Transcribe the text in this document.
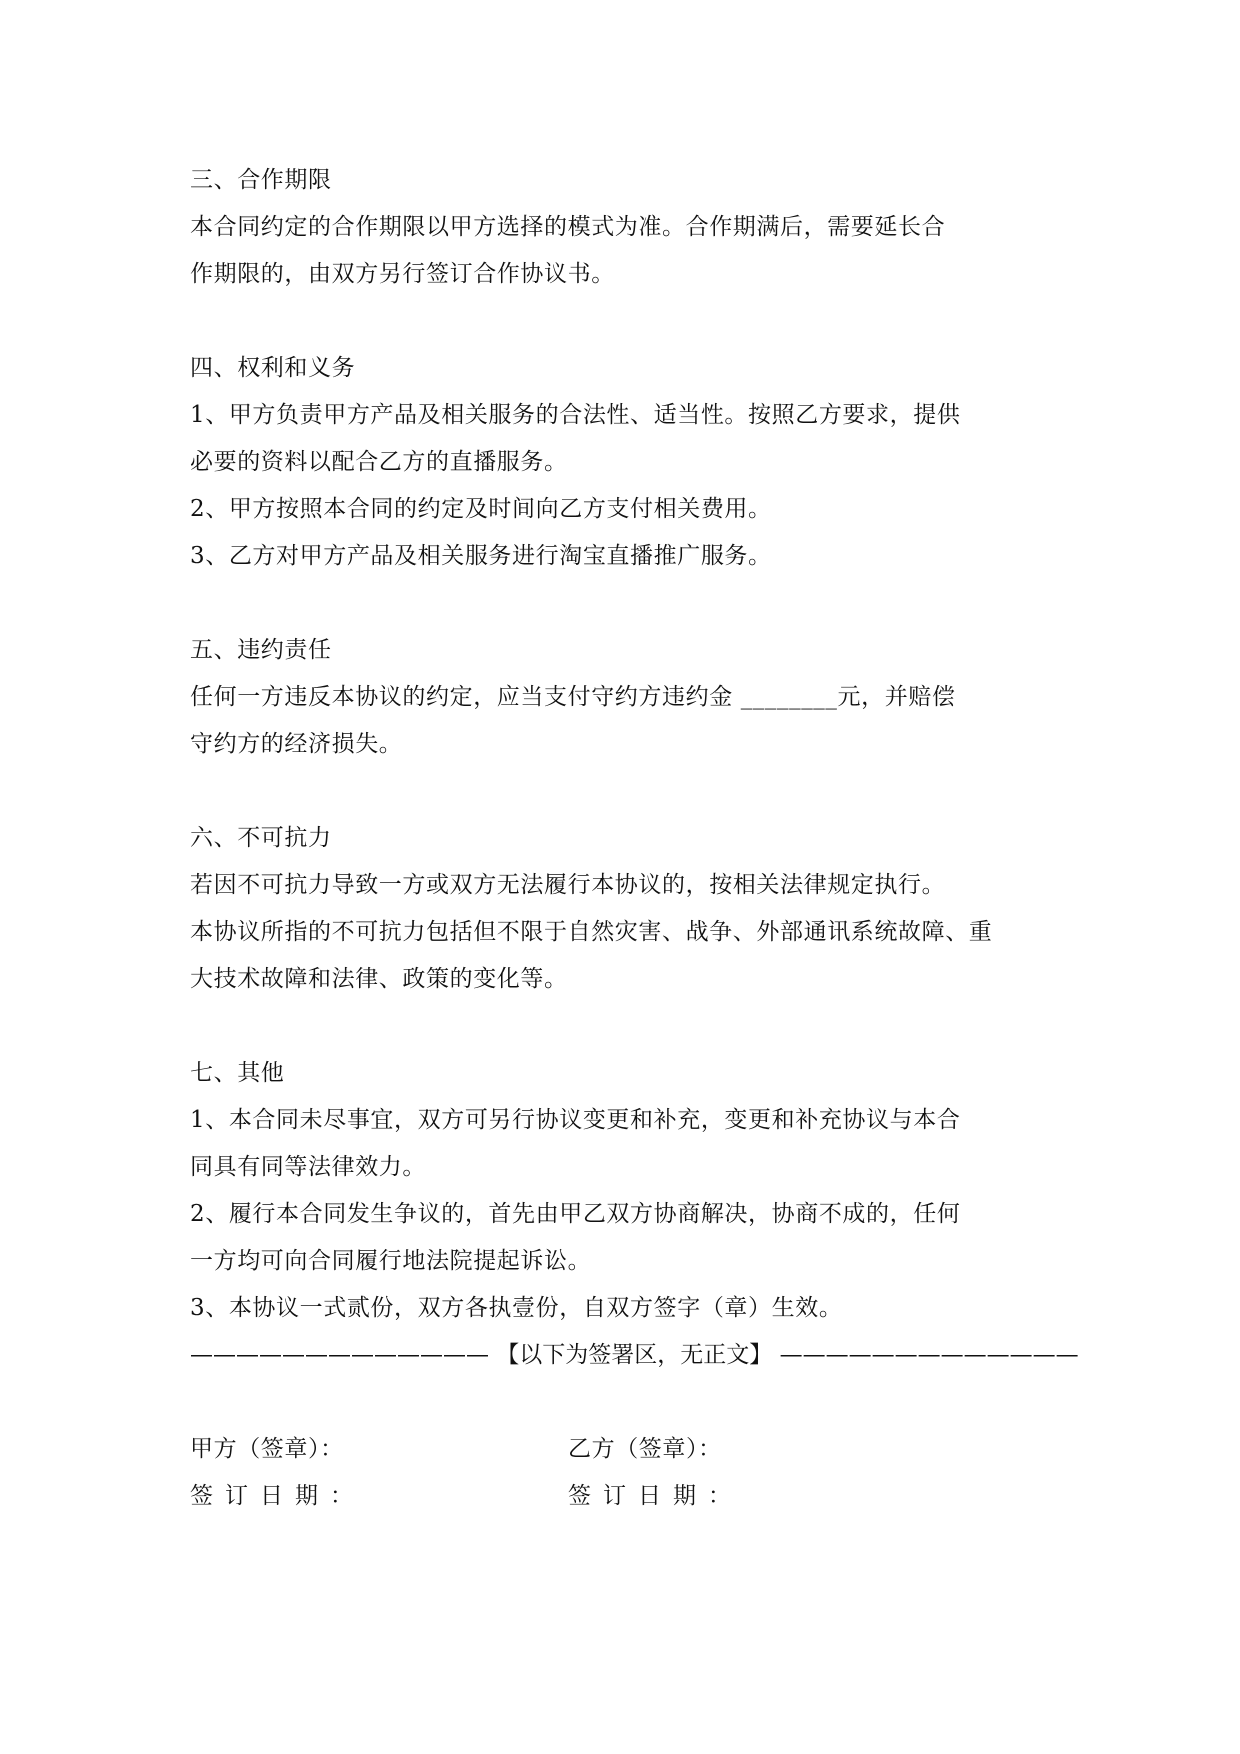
三、合作期限
本合同约定的合作期限以甲方选择的模式为准。合作期满后，需要延长合
作期限的，由双方另行签订合作协议书。
四、权利和义务
1、甲方负责甲方产品及相关服务的合法性、适当性。按照乙方要求，提供
必要的资料以配合乙方的直播服务。
2、甲方按照本合同的约定及时间向乙方支付相关费用。
3、乙方对甲方产品及相关服务进行淘宝直播推广服务。
五、违约责任
任何一方违反本协议的约定，应当支付守约方违约金 ________元，并赔偿
守约方的经济损失。
六、不可抗力
若因不可抗力导致一方或双方无法履行本协议的，按相关法律规定执行。
本协议所指的不可抗力包括但不限于自然灾害、战争、外部通讯系统故障、重
大技术故障和法律、政策的变化等。
七、其他
1、本合同未尽事宜，双方可另行协议变更和补充，变更和补充协议与本合
同具有同等法律效力。
2、履行本合同发生争议的，首先由甲乙双方协商解决，协商不成的，任何
一方均可向合同履行地法院提起诉讼。
3、本协议一式贰份，双方各执壹份，自双方签字（章）生效。
————————————— 【以下为签署区，无正文】 —————————————
甲方（签章）：	乙方（签章）：
签订日期：	签订日期：
